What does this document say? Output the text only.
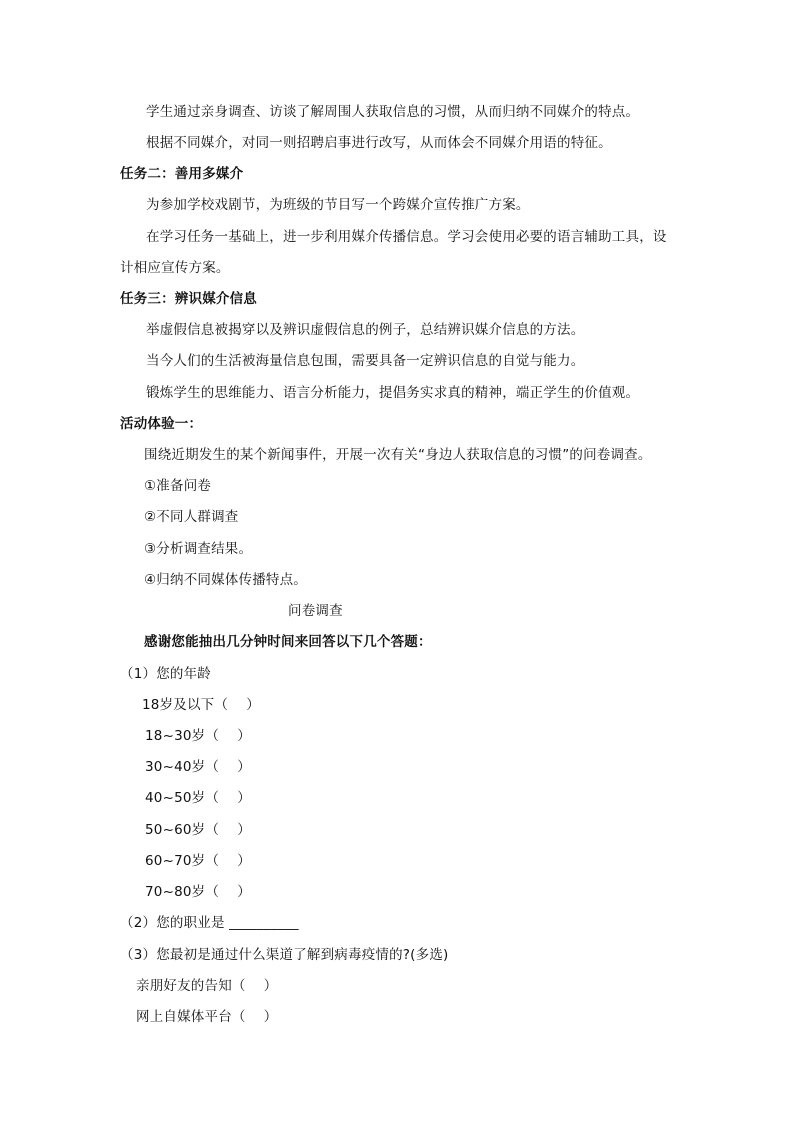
学生通过亲身调查、访谈了解周围人获取信息的习惯，从而归纳不同媒介的特点。
根据不同媒介，对同一则招聘启事进行改写，从而体会不同媒介用语的特征。
任务二：善用多媒介
为参加学校戏剧节，为班级的节目写一个跨媒介宣传推广方案。
在学习任务一基础上，进一步利用媒介传播信息。学习会使用必要的语言辅助工具，设
计相应宣传方案。
任务三：辨识媒介信息
举虚假信息被揭穿以及辨识虚假信息的例子，总结辨识媒介信息的方法。
当今人们的生活被海量信息包围，需要具备一定辨识信息的自觉与能力。
锻炼学生的思维能力、语言分析能力，提倡务实求真的精神，端正学生的价值观。
活动体验一：
围绕近期发生的某个新闻事件，开展一次有关“身边人获取信息的习惯”的问卷调查。
①准备问卷
②不同人群调查
③分析调查结果。
④归纳不同媒体传播特点。
问卷调查
感谢您能抽出几分钟时间来回答以下几个答题：
（1）您的年龄
18岁及以下（　 ）
18~30岁（　 ）
30~40岁（　 ）
40~50岁（　 ）
50~60岁（　 ）
60~70岁（　 ）
70~80岁（　 ）
（2）您的职业是 __________
（3）您最初是通过什么渠道了解到病毒疫情的?(多选)
亲朋好友的告知（　 ）
网上自媒体平台（　 ）
